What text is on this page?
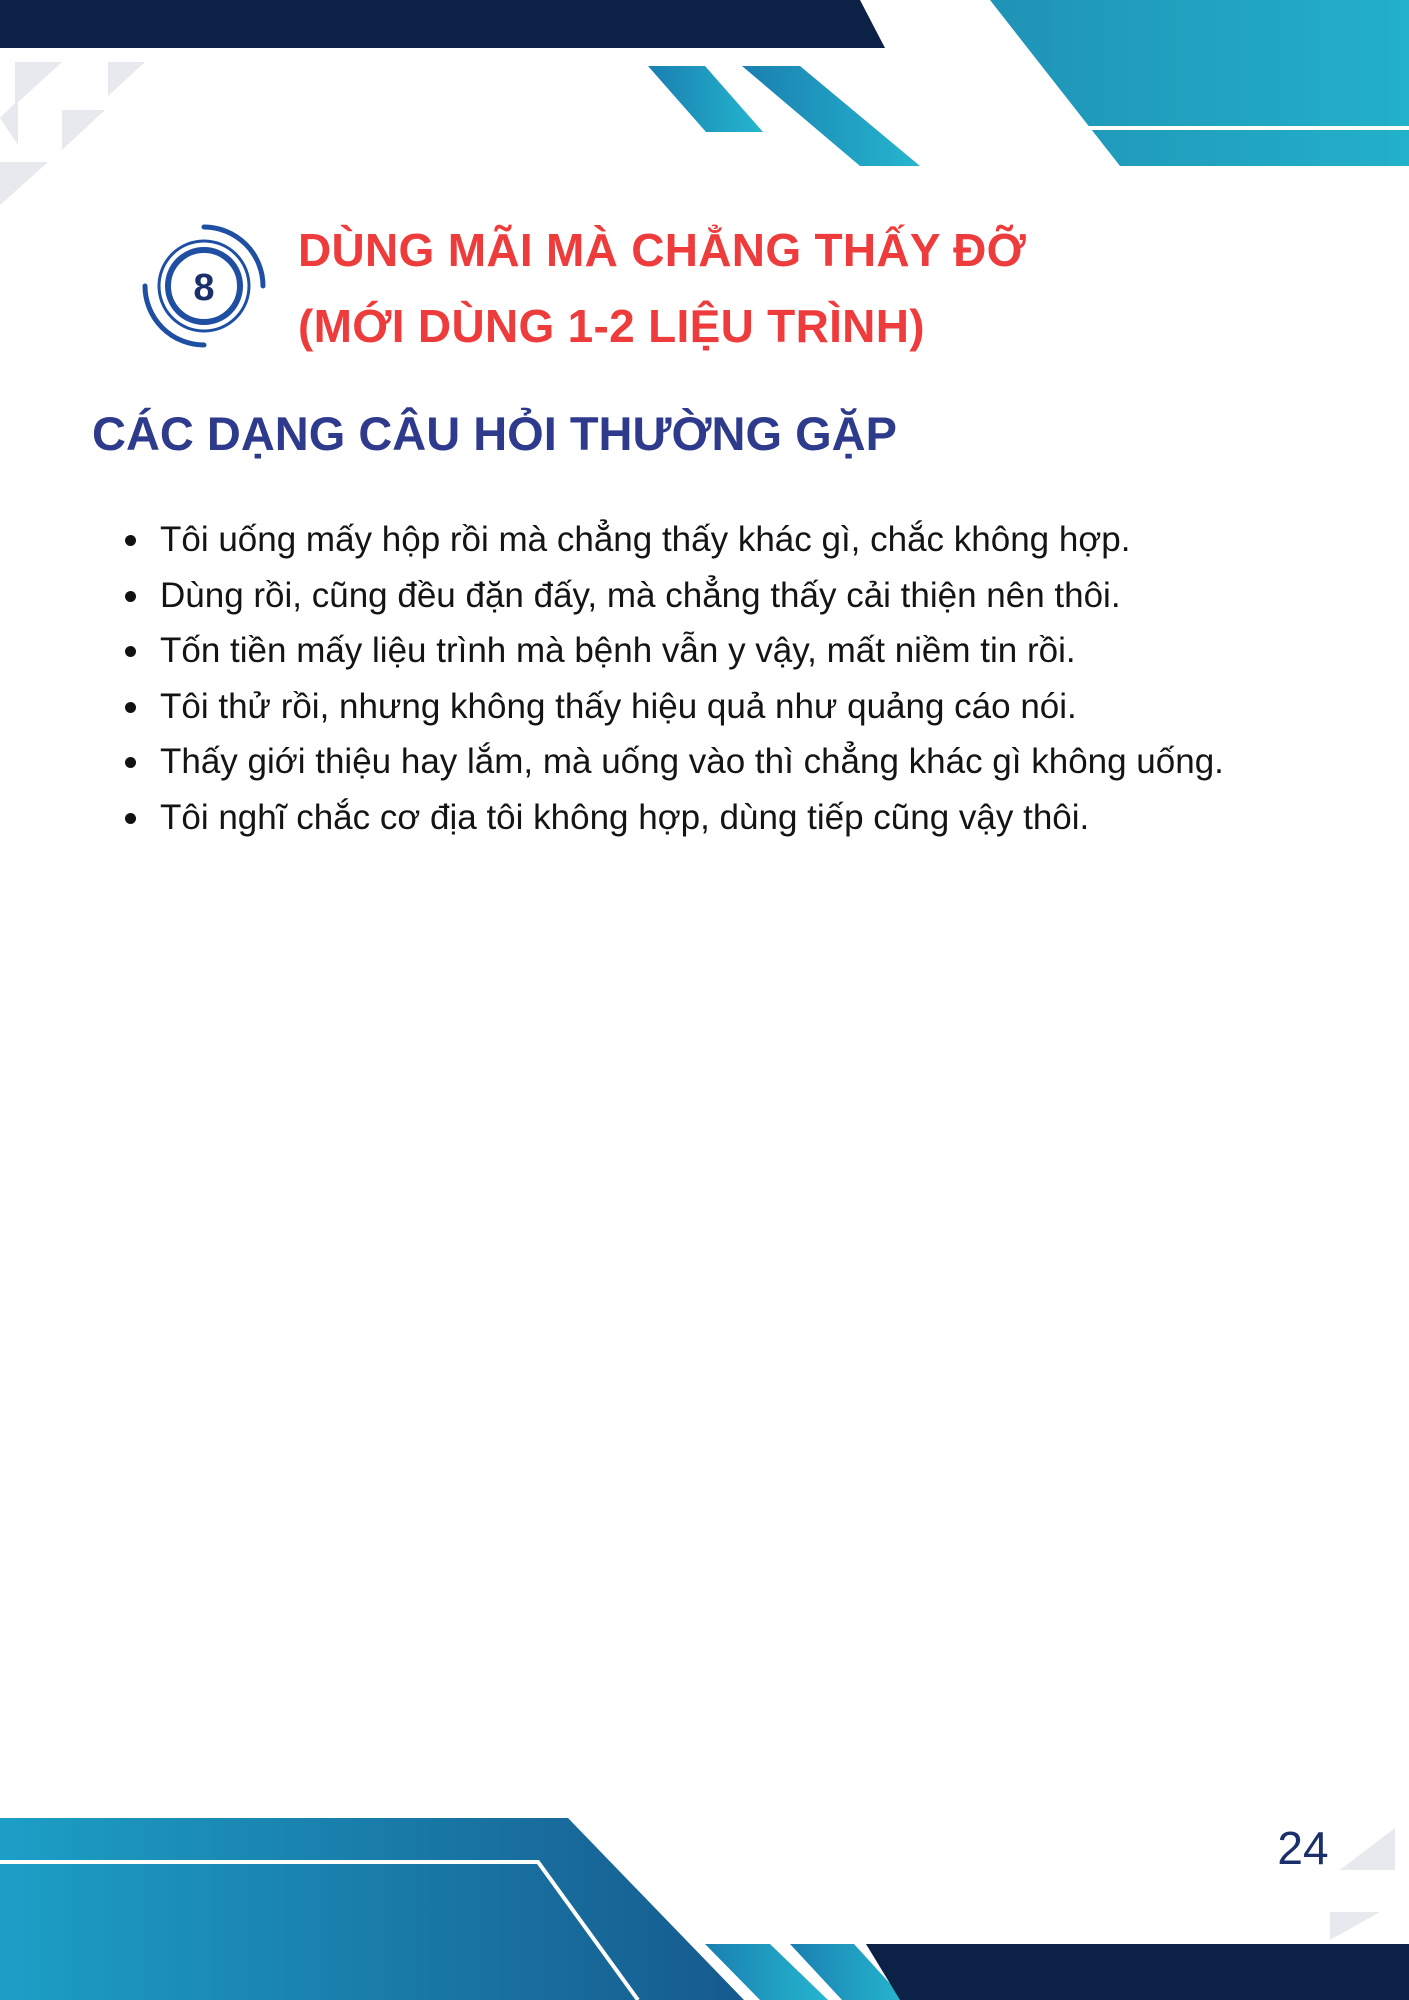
8
DÙNG MÃI MÀ CHẲNG THẤY ĐỠ
(MỚI DÙNG 1-2 LIỆU TRÌNH)
CÁC DẠNG CÂU HỎI THƯỜNG GẶP
Tôi uống mấy hộp rồi mà chẳng thấy khác gì, chắc không hợp.
Dùng rồi, cũng đều đặn đấy, mà chẳng thấy cải thiện nên thôi.
Tốn tiền mấy liệu trình mà bệnh vẫn y vậy, mất niềm tin rồi.
Tôi thử rồi, nhưng không thấy hiệu quả như quảng cáo nói.
Thấy giới thiệu hay lắm, mà uống vào thì chẳng khác gì không uống.
Tôi nghĩ chắc cơ địa tôi không hợp, dùng tiếp cũng vậy thôi.

24
